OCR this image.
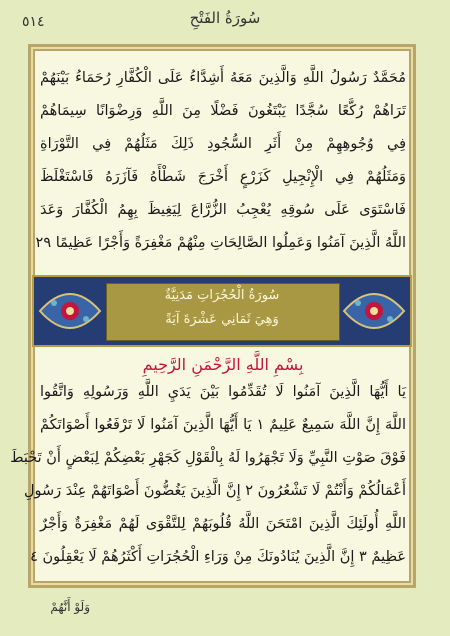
٥١٤	سُورَةُ الفَتْحِ
مُحَمَّدٌ رَسُولُ اللَّهِ وَالَّذِينَ مَعَهُ أَشِدَّاءُ عَلَى الْكُفَّارِ رُحَمَاءُ بَيْنَهُمْ
تَرَاهُمْ رُكَّعًا سُجَّدًا يَبْتَغُونَ فَضْلًا مِنَ اللَّهِ وَرِضْوَانًا سِيمَاهُمْ
فِي وُجُوهِهِمْ مِنْ أَثَرِ السُّجُودِ ذَلِكَ مَثَلُهُمْ فِي التَّوْرَاةِ
وَمَثَلُهُمْ فِي الْإِنْجِيلِ كَزَرْعٍ أَخْرَجَ شَطْأَهُ فَآزَرَهُ فَاسْتَغْلَظَ
فَاسْتَوَى عَلَى سُوقِهِ يُعْجِبُ الزُّرَّاعَ لِيَغِيظَ بِهِمُ الْكُفَّارَ وَعَدَ
اللَّهُ الَّذِينَ آمَنُوا وَعَمِلُوا الصَّالِحَاتِ مِنْهُمْ مَغْفِرَةً وَأَجْرًا عَظِيمًا ٢٩
سُورَةُ الْحُجُرَاتِ مَدَنِيَّةٌ
وَهِيَ ثَمَانِي عَشْرَةَ آيَةً
بِسْمِ اللَّهِ الرَّحْمَنِ الرَّحِيمِ
يَا أَيُّهَا الَّذِينَ آمَنُوا لَا تُقَدِّمُوا بَيْنَ يَدَيِ اللَّهِ وَرَسُولِهِ وَاتَّقُوا
اللَّهَ إِنَّ اللَّهَ سَمِيعٌ عَلِيمٌ ١ يَا أَيُّهَا الَّذِينَ آمَنُوا لَا تَرْفَعُوا أَصْوَاتَكُمْ
فَوْقَ صَوْتِ النَّبِيِّ وَلَا تَجْهَرُوا لَهُ بِالْقَوْلِ كَجَهْرِ بَعْضِكُمْ لِبَعْضٍ أَنْ تَحْبَطَ
أَعْمَالُكُمْ وَأَنْتُمْ لَا تَشْعُرُونَ ٢ إِنَّ الَّذِينَ يَغُضُّونَ أَصْوَاتَهُمْ عِنْدَ رَسُولِ
اللَّهِ أُولَئِكَ الَّذِينَ امْتَحَنَ اللَّهُ قُلُوبَهُمْ لِلتَّقْوَى لَهُمْ مَغْفِرَةٌ وَأَجْرٌ
عَظِيمٌ ٣ إِنَّ الَّذِينَ يُنَادُونَكَ مِنْ وَرَاءِ الْحُجُرَاتِ أَكْثَرُهُمْ لَا يَعْقِلُونَ ٤
وَلَوْ أَنَّهُمْ
